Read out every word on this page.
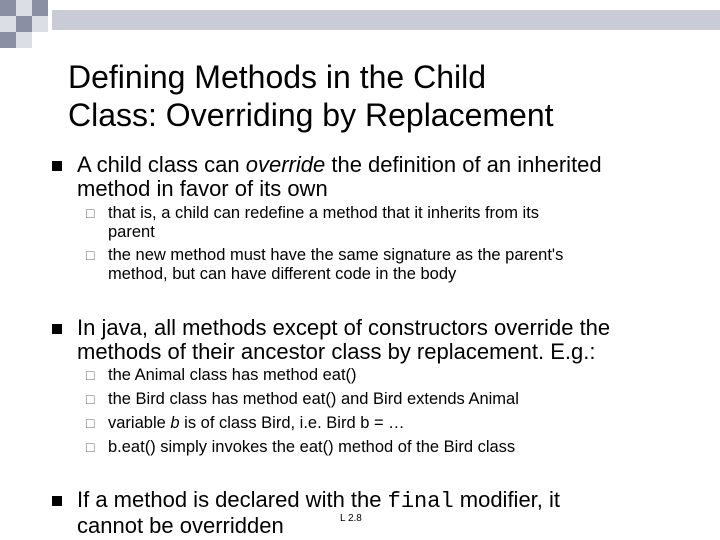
Defining Methods in the Child
Class: Overriding by Replacement
A child class can override the definition of an inherited
method in favor of its own
□ that is, a child can redefine a method that it inherits from its
parent
□ the new method must have the same signature as the parent's
method, but can have different code in the body
In java, all methods except of constructors override the
methods of their ancestor class by replacement. E.g.:
□ the Animal class has method eat()
□ the Bird class has method eat() and Bird extends Animal
□ variable b is of class Bird, i.e. Bird b = …
□ b.eat() simply invokes the eat() method of the Bird class
If a method is declared with the final modifier, it
cannot be overridden	L 2.8
